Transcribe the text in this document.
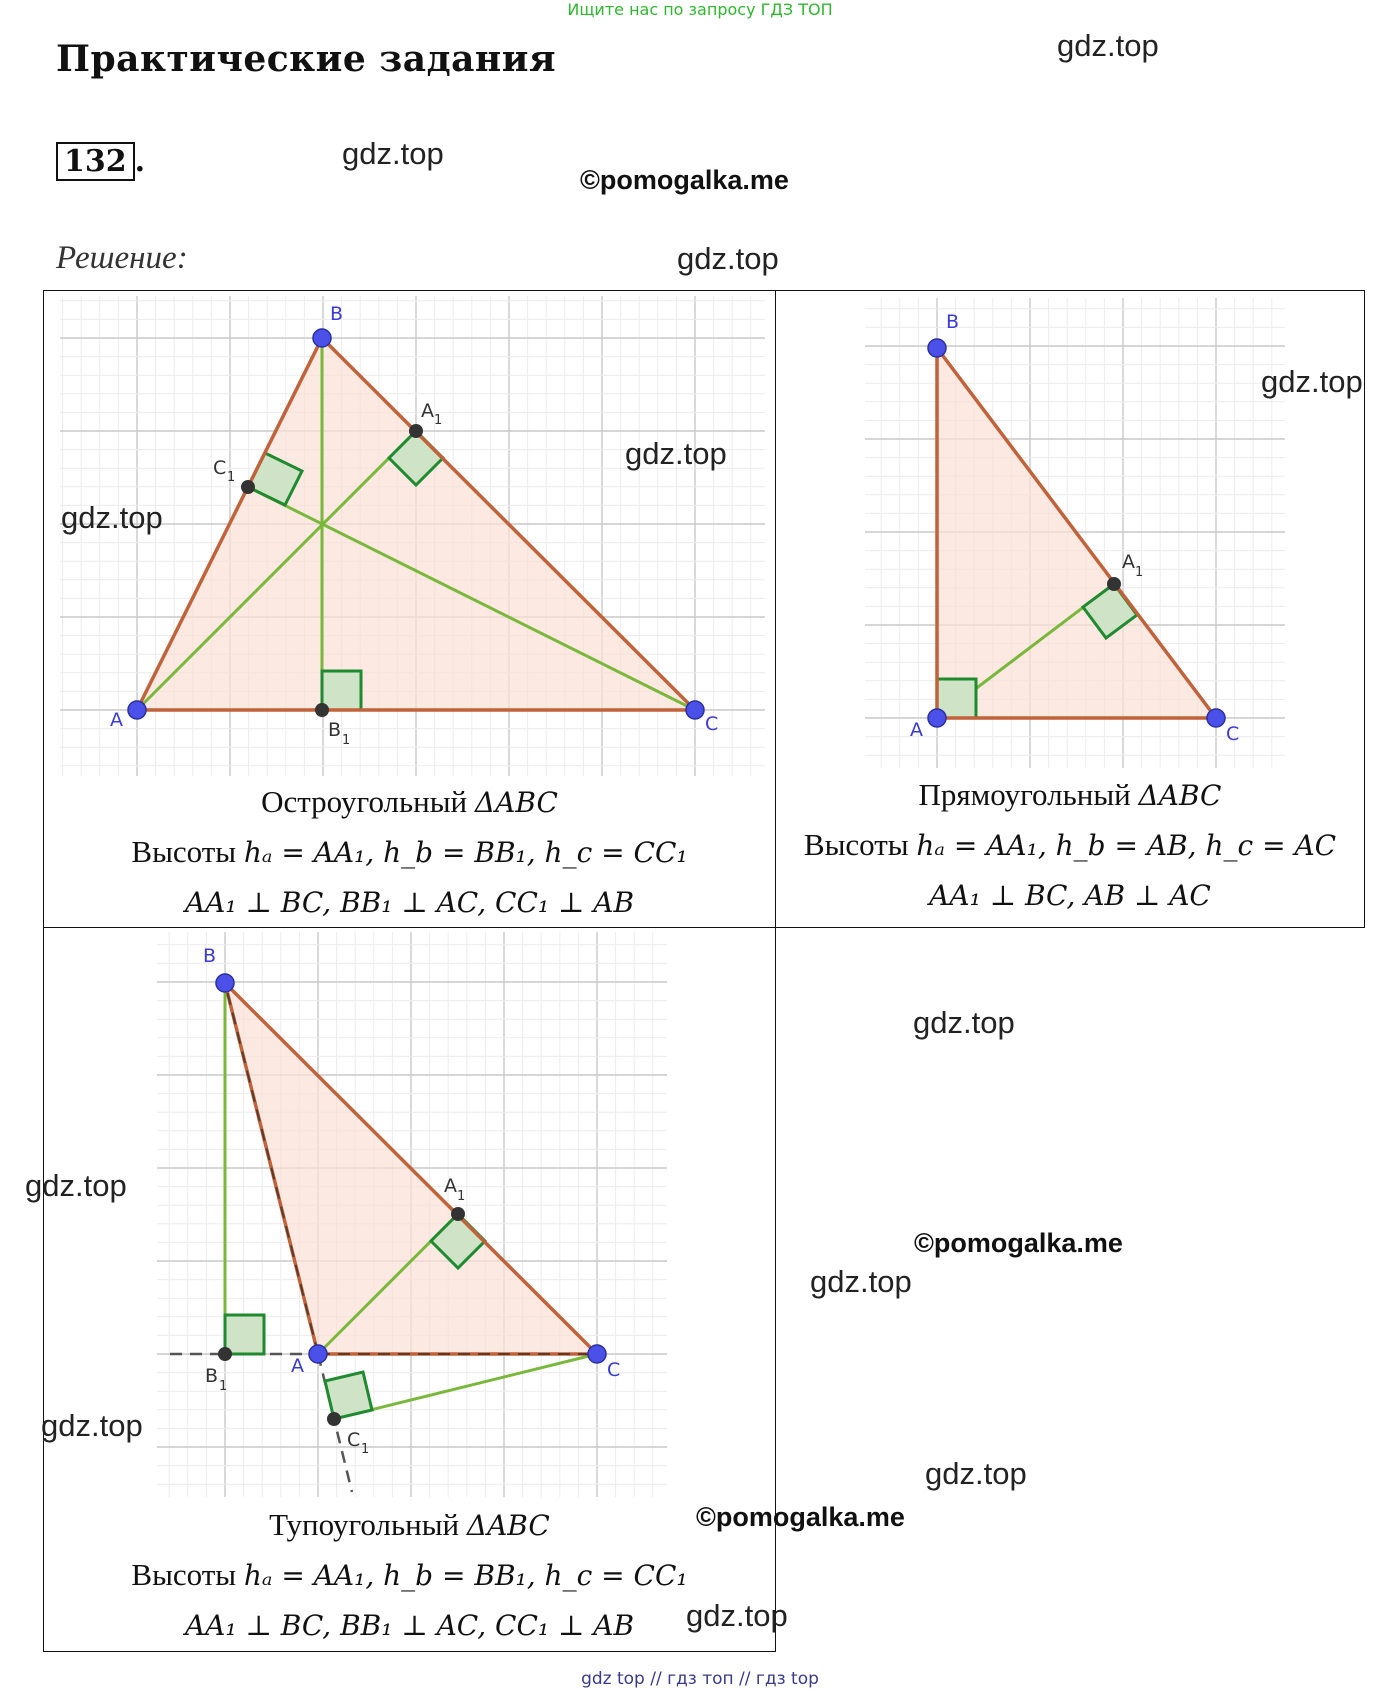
Ищите нас по запросу ГДЗ ТОП
Практические задания
132 .
Решение:
A
B
C
A 1
B 1
C 1
A
B
C
A 1
A
B
C
A 1
B 1
C 1
Остроугольный ΔABC
Высоты hₐ = AA₁, h_b = BB₁, h_c = CC₁
AA₁ ⊥ BC, BB₁ ⊥ AC, CC₁ ⊥ AB
Прямоугольный ΔABC
Высоты hₐ = AA₁, h_b = AB, h_c = AC
AA₁ ⊥ BC, AB ⊥ AC
Тупоугольный ΔABC
Высоты hₐ = AA₁, h_b = BB₁, h_c = CC₁
AA₁ ⊥ BC, BB₁ ⊥ AC, CC₁ ⊥ AB
gdz.top
gdz.top
©pomogalka.me
gdz.top
gdz.top
gdz.top
gdz.top
gdz.top
gdz.top
©pomogalka.me
gdz.top
gdz.top
gdz.top
©pomogalka.me
gdz.top
gdz top // гдз топ // гдз top
